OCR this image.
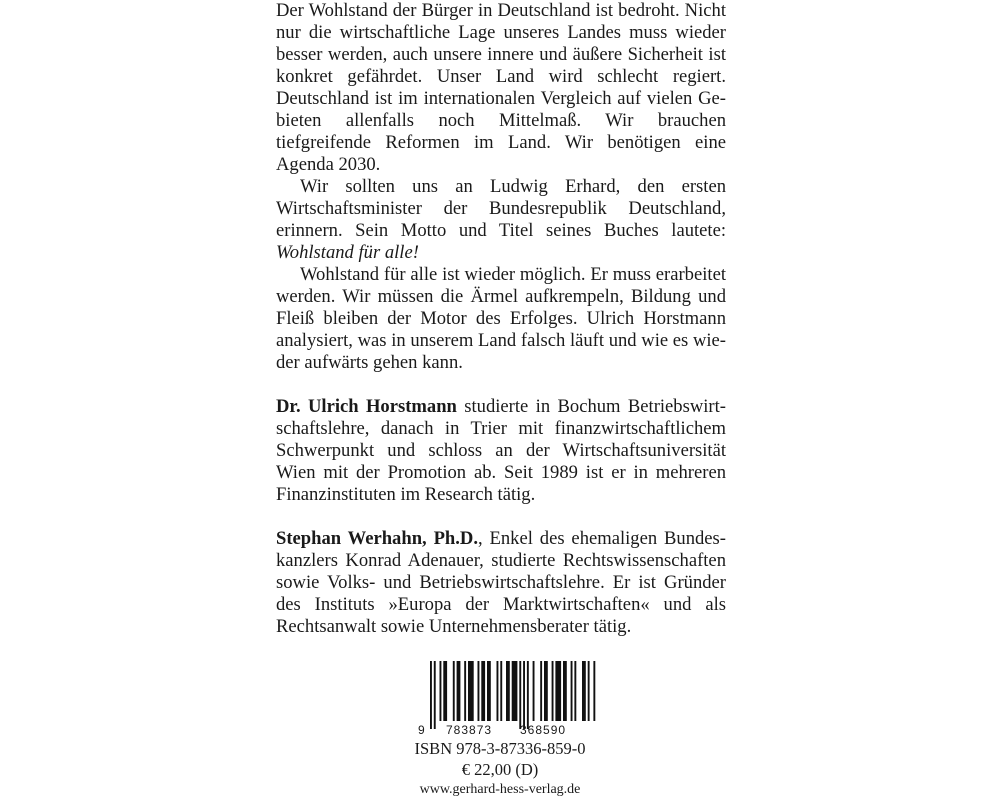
Der Wohlstand der Bürger in Deutschland ist bedroht. Nicht nur die wirtschaftliche Lage unseres Landes muss wieder besser werden, auch unsere innere und äußere Sicherheit ist konkret gefährdet. Unser Land wird schlecht regiert. Deutschland ist im internationalen Vergleich auf vielen Gebieten allenfalls noch Mittelmaß. Wir brauchen tiefgreifende Reformen im Land. Wir benötigen eine Agenda 2030.

Wir sollten uns an Ludwig Erhard, den ersten Wirtschaftsminister der Bundesrepublik Deutschland, erinnern. Sein Motto und Titel seines Buches lautete: Wohlstand für alle!

Wohlstand für alle ist wieder möglich. Er muss erarbeitet werden. Wir müssen die Ärmel aufkrempeln, Bildung und Fleiß bleiben der Motor des Erfolges. Ulrich Horstmann analysiert, was in unserem Land falsch läuft und wie es wieder aufwärts gehen kann.

Dr. Ulrich Horstmann studierte in Bochum Betriebswirtschaftslehre, danach in Trier mit finanzwirtschaftlichem Schwerpunkt und schloss an der Wirtschaftsuniversität Wien mit der Promotion ab. Seit 1989 ist er in mehreren Finanzinstituten im Research tätig.

Stephan Werhahn, Ph.D., Enkel des ehemaligen Bundeskanzlers Konrad Adenauer, studierte Rechtswissenschaften sowie Volks- und Betriebswirtschaftslehre. Er ist Gründer des Instituts »Europa der Marktwirtschaften« und als Rechtsanwalt sowie Unternehmensberater tätig.

9 783873 368590
ISBN 978-3-87336-859-0
€ 22,00 (D)
www.gerhard-hess-verlag.de
